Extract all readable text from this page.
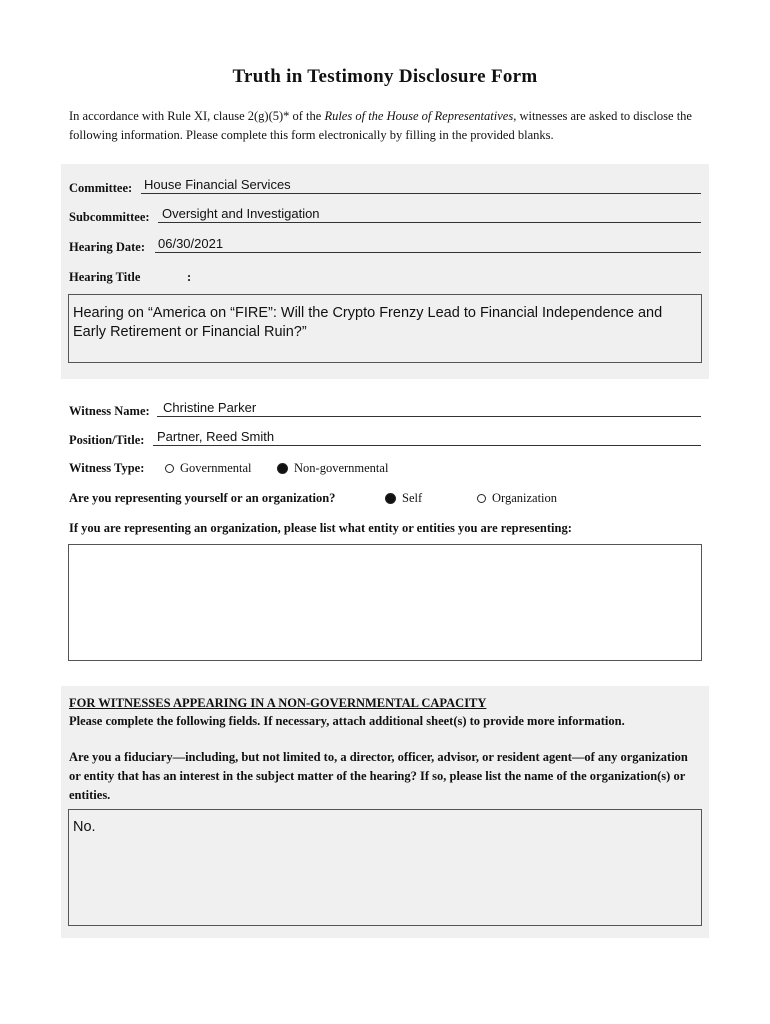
Truth in Testimony Disclosure Form
In accordance with Rule XI, clause 2(g)(5)* of the Rules of the House of Representatives, witnesses are asked to disclose the following information. Please complete this form electronically by filling in the provided blanks.
Committee: House Financial Services
Subcommittee: Oversight and Investigation
Hearing Date: 06/30/2021
Hearing Title	:
Hearing on “America on “FIRE”: Will the Crypto Frenzy Lead to Financial Independence and Early Retirement or Financial Ruin?”
Witness Name: Christine Parker
Position/Title: Partner, Reed Smith
Witness Type:	Governmental	Non-governmental
Are you representing yourself or an organization?	Self	Organization
If you are representing an organization, please list what entity or entities you are representing:
FOR WITNESSES APPEARING IN A NON-GOVERNMENTAL CAPACITY
Please complete the following fields. If necessary, attach additional sheet(s) to provide more information.
Are you a fiduciary—including, but not limited to, a director, officer, advisor, or resident agent—of any organization or entity that has an interest in the subject matter of the hearing? If so, please list the name of the organization(s) or entities.
No.
